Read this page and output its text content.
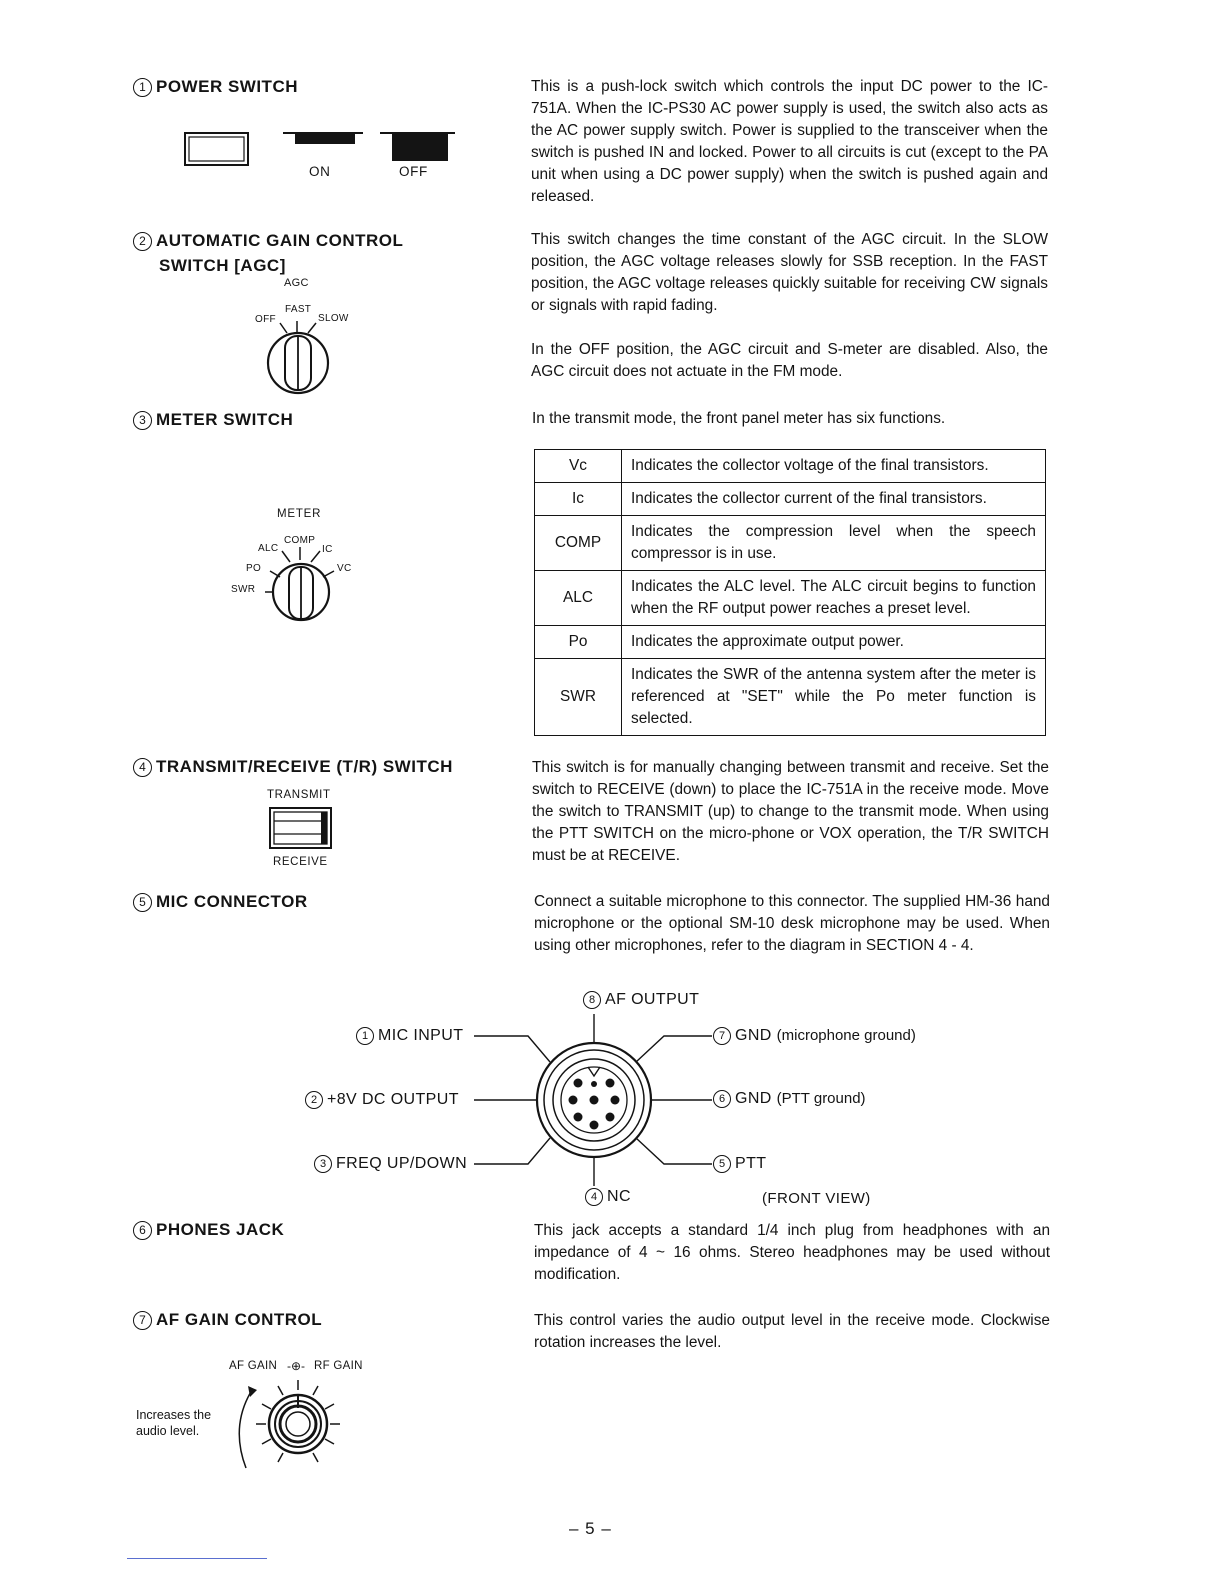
1 POWER SWITCH
ON	OFF

This is a push-lock switch which controls the input DC power to the IC-751A. When the IC-PS30 AC power supply is used, the switch also acts as the AC power supply switch. Power is supplied to the transceiver when the switch is pushed IN and locked. Power to all circuits is cut (except to the PA unit when using a DC power supply) when the switch is pushed again and released.

2 AUTOMATIC GAIN CONTROL
SWITCH [AGC]
AGC
FAST
OFF	SLOW

This switch changes the time constant of the AGC circuit. In the SLOW position, the AGC voltage releases slowly for SSB reception. In the FAST position, the AGC voltage releases quickly suitable for receiving CW signals or signals with rapid fading.

In the OFF position, the AGC circuit and S-meter are disabled. Also, the AGC circuit does not actuate in the FM mode.

3 METER SWITCH
METER
COMP
ALC	IC
PO	VC
SWR

In the transmit mode, the front panel meter has six functions.

Vc	Indicates the collector voltage of the final transistors.
Ic	Indicates the collector current of the final transistors.
COMP	Indicates the compression level when the speech compressor is in use.
ALC	Indicates the ALC level. The ALC circuit begins to function when the RF output power reaches a preset level.
Po	Indicates the approximate output power.
SWR	Indicates the SWR of the antenna system after the meter is referenced at "SET" while the Po meter function is selected.
4 TRANSMIT/RECEIVE (T/R) SWITCH
TRANSMIT
RECEIVE

This switch is for manually changing between transmit and receive. Set the switch to RECEIVE (down) to place the IC-751A in the receive mode. Move the switch to TRANSMIT (up) to change to the transmit mode. When using the PTT SWITCH on the micro-phone or VOX operation, the T/R SWITCH must be at RECEIVE.

5 MIC CONNECTOR	Connect a suitable microphone to this connector. The supplied HM-36 hand microphone or the optional SM-10 desk microphone may be used. When using other microphones, refer to the diagram in SECTION 4 - 4.

8 AF OUTPUT
1 MIC INPUT
2 +8V DC OUTPUT
3 FREQ UP/DOWN
4 NC
5 PTT
6 GND (PTT ground)
7 GND (microphone ground)
(FRONT VIEW)
6 PHONES JACK	This jack accepts a standard 1/4 inch plug from headphones with an impedance of 4 ~ 16 ohms. Stereo headphones may be used without modification.

7 AF GAIN CONTROL	This control varies the audio output level in the receive mode. Clockwise rotation increases the level.

AF GAIN -⊕- RF GAIN
Increases the
audio level.
– 5 –
